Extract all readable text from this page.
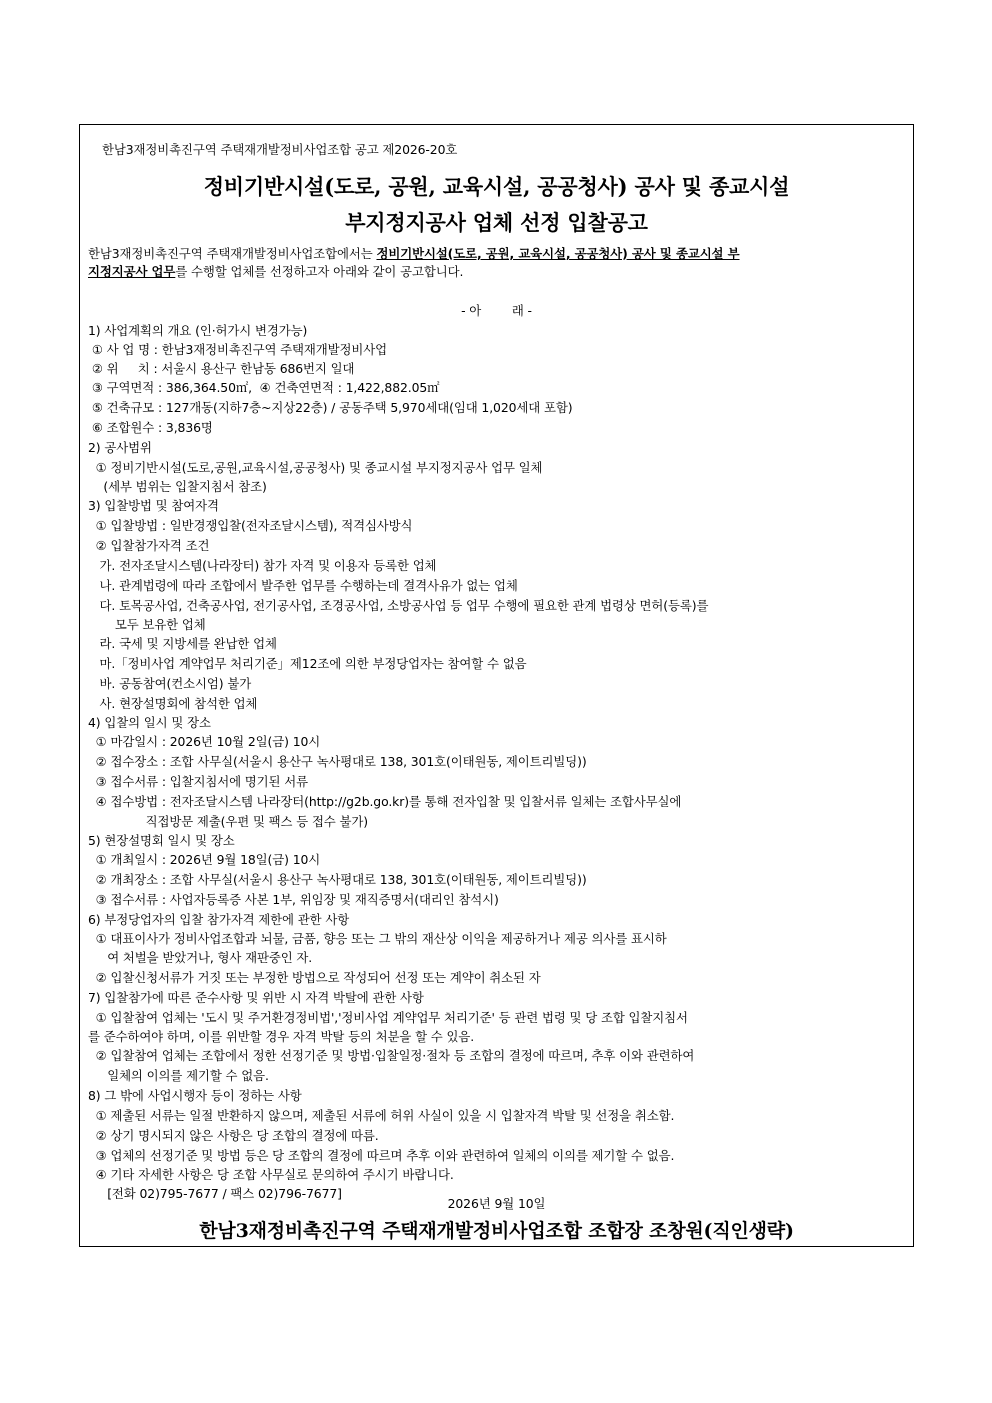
한남3재정비촉진구역 주택재개발정비사업조합 공고 제2026-20호
정비기반시설(도로, 공원, 교육시설, 공공청사) 공사 및 종교시설
부지정지공사 업체 선정 입찰공고
한남3재정비촉진구역 주택재개발정비사업조합에서는 정비기반시설(도로, 공원, 교육시설, 공공청사) 공사 및 종교시설 부
지정지공사 업무를 수행할 업체를 선정하고자 아래와 같이 공고합니다.
- 아        래 -
1) 사업계획의 개요 (인·허가시 변경가능)
① 사 업 명 : 한남3재정비촉진구역 주택재개발정비사업
② 위     치 : 서울시 용산구 한남동 686번지 일대
③ 구역면적 : 386,364.50㎡,  ④ 건축연면적 : 1,422,882.05㎡
⑤ 건축규모 : 127개동(지하7층~지상22층) / 공동주택 5,970세대(임대 1,020세대 포함)
⑥ 조합원수 : 3,836명
2) 공사범위
① 정비기반시설(도로,공원,교육시설,공공청사) 및 종교시설 부지정지공사 업무 일체
(세부 범위는 입찰지침서 참조)
3) 입찰방법 및 참여자격
① 입찰방법 : 일반경쟁입찰(전자조달시스템), 적격심사방식
② 입찰참가자격 조건
가. 전자조달시스템(나라장터) 참가 자격 및 이용자 등록한 업체
나. 관계법령에 따라 조합에서 발주한 업무를 수행하는데 결격사유가 없는 업체
다. 토목공사업, 건축공사업, 전기공사업, 조경공사업, 소방공사업 등 업무 수행에 필요한 관계 법령상 면허(등록)를
모두 보유한 업체
라. 국세 및 지방세를 완납한 업체
마.「정비사업 계약업무 처리기준」제12조에 의한 부정당업자는 참여할 수 없음
바. 공동참여(컨소시엄) 불가
사. 현장설명회에 참석한 업체
4) 입찰의 일시 및 장소
① 마감일시 : 2026년 10월 2일(금) 10시
② 접수장소 : 조합 사무실(서울시 용산구 녹사평대로 138, 301호(이태원동, 제이트리빌딩))
③ 접수서류 : 입찰지침서에 명기된 서류
④ 접수방법 : 전자조달시스템 나라장터(http://g2b.go.kr)를 통해 전자입찰 및 입찰서류 일체는 조합사무실에
직접방문 제출(우편 및 팩스 등 접수 불가)
5) 현장설명회 일시 및 장소
① 개최일시 : 2026년 9월 18일(금) 10시
② 개최장소 : 조합 사무실(서울시 용산구 녹사평대로 138, 301호(이태원동, 제이트리빌딩))
③ 접수서류 : 사업자등록증 사본 1부, 위임장 및 재직증명서(대리인 참석시)
6) 부정당업자의 입찰 참가자격 제한에 관한 사항
① 대표이사가 정비사업조합과 뇌물, 금품, 향응 또는 그 밖의 재산상 이익을 제공하거나 제공 의사를 표시하
여 처벌을 받았거나, 형사 재판중인 자.
② 입찰신청서류가 거짓 또는 부정한 방법으로 작성되어 선정 또는 계약이 취소된 자
7) 입찰참가에 따른 준수사항 및 위반 시 자격 박탈에 관한 사항
① 입찰참여 업체는 '도시 및 주거환경정비법','정비사업 계약업무 처리기준' 등 관련 법령 및 당 조합 입찰지침서
를 준수하여야 하며, 이를 위반할 경우 자격 박탈 등의 처분을 할 수 있음.
② 입찰참여 업체는 조합에서 정한 선정기준 및 방법·입찰일정·절차 등 조합의 결정에 따르며, 추후 이와 관련하여
일체의 이의를 제기할 수 없음.
8) 그 밖에 사업시행자 등이 정하는 사항
① 제출된 서류는 일절 반환하지 않으며, 제출된 서류에 허위 사실이 있을 시 입찰자격 박탈 및 선정을 취소함.
② 상기 명시되지 않은 사항은 당 조합의 결정에 따름.
③ 업체의 선정기준 및 방법 등은 당 조합의 결정에 따르며 추후 이와 관련하여 일체의 이의를 제기할 수 없음.
④ 기타 자세한 사항은 당 조합 사무실로 문의하여 주시기 바랍니다.
[전화 02)795-7677 / 팩스 02)796-7677]
2026년 9월 10일
한남3재정비촉진구역 주택재개발정비사업조합 조합장 조창원(직인생략)
